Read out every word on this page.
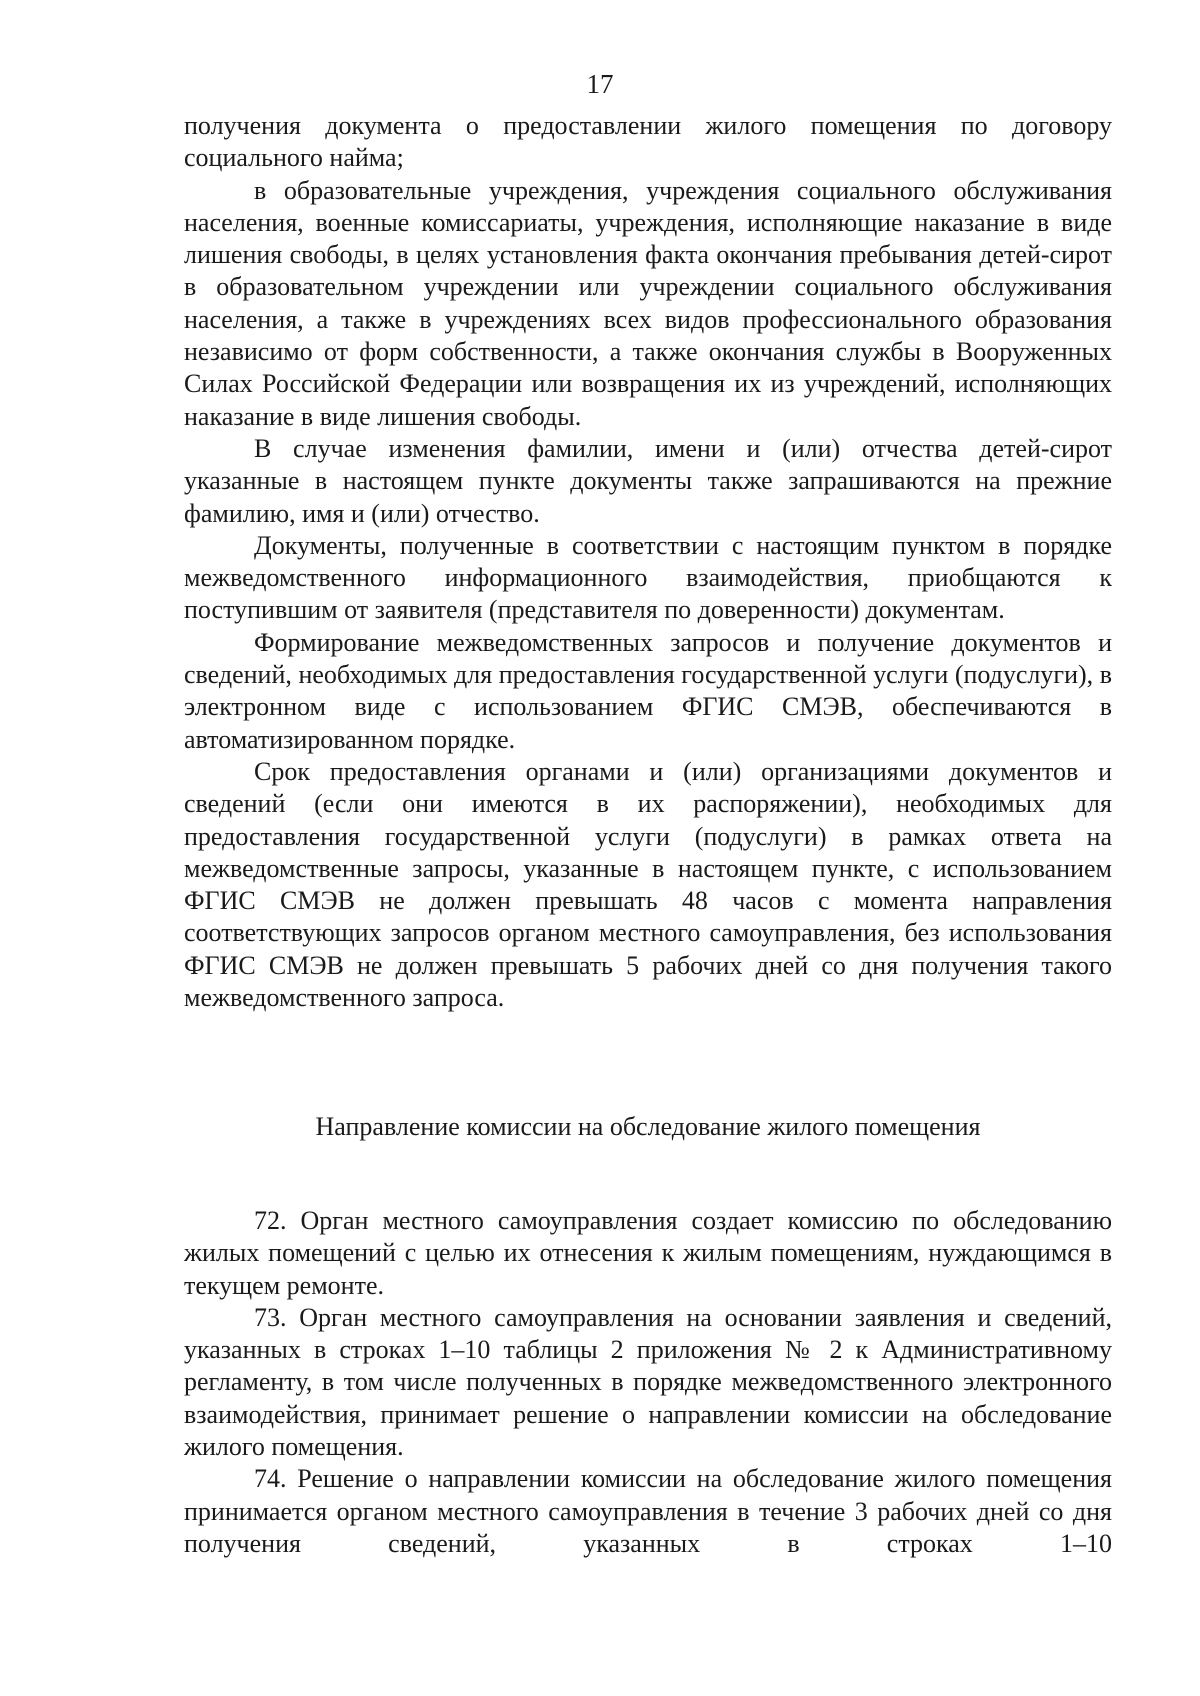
17

получения документа о предоставлении жилого помещения по договору социального найма;

в образовательные учреждения, учреждения социального обслуживания населения, военные комиссариаты, учреждения, исполняющие наказание в виде лишения свободы, в целях установления факта окончания пребывания детей-сирот в образовательном учреждении или учреждении социального обслуживания населения, а также в учреждениях всех видов профессионального образования независимо от форм собственности, а также окончания службы в Вооруженных Силах Российской Федерации или возвращения их из учреждений, исполняющих наказание в виде лишения свободы.

В случае изменения фамилии, имени и (или) отчества детей-сирот указанные в настоящем пункте документы также запрашиваются на прежние фамилию, имя и (или) отчество.

Документы, полученные в соответствии с настоящим пунктом в порядке межведомственного информационного взаимодействия, приобщаются к поступившим от заявителя (представителя по доверенности) документам.

Формирование межведомственных запросов и получение документов и сведений, необходимых для предоставления государственной услуги (подуслуги), в электронном виде с использованием ФГИС СМЭВ, обеспечиваются в автоматизированном порядке.

Срок предоставления органами и (или) организациями документов и сведений (если они имеются в их распоряжении), необходимых для предоставления государственной услуги (подуслуги) в рамках ответа на межведомственные запросы, указанные в настоящем пункте, с использованием ФГИС СМЭВ не должен превышать 48 часов с момента направления соответствующих запросов органом местного самоуправления, без использования ФГИС СМЭВ не должен превышать 5 рабочих дней со дня получения такого межведомственного запроса.

Направление комиссии на обследование жилого помещения

72. Орган местного самоуправления создает комиссию по обследованию жилых помещений с целью их отнесения к жилым помещениям, нуждающимся в текущем ремонте.

73. Орган местного самоуправления на основании заявления и сведений, указанных в строках 1–10 таблицы 2 приложения № 2 к Административному регламенту, в том числе полученных в порядке межведомственного электронного взаимодействия, принимает решение о направлении комиссии на обследование жилого помещения.

74. Решение о направлении комиссии на обследование жилого помещения принимается органом местного самоуправления в течение 3 рабочих дней со дня получения сведений, указанных в строках 1–10
